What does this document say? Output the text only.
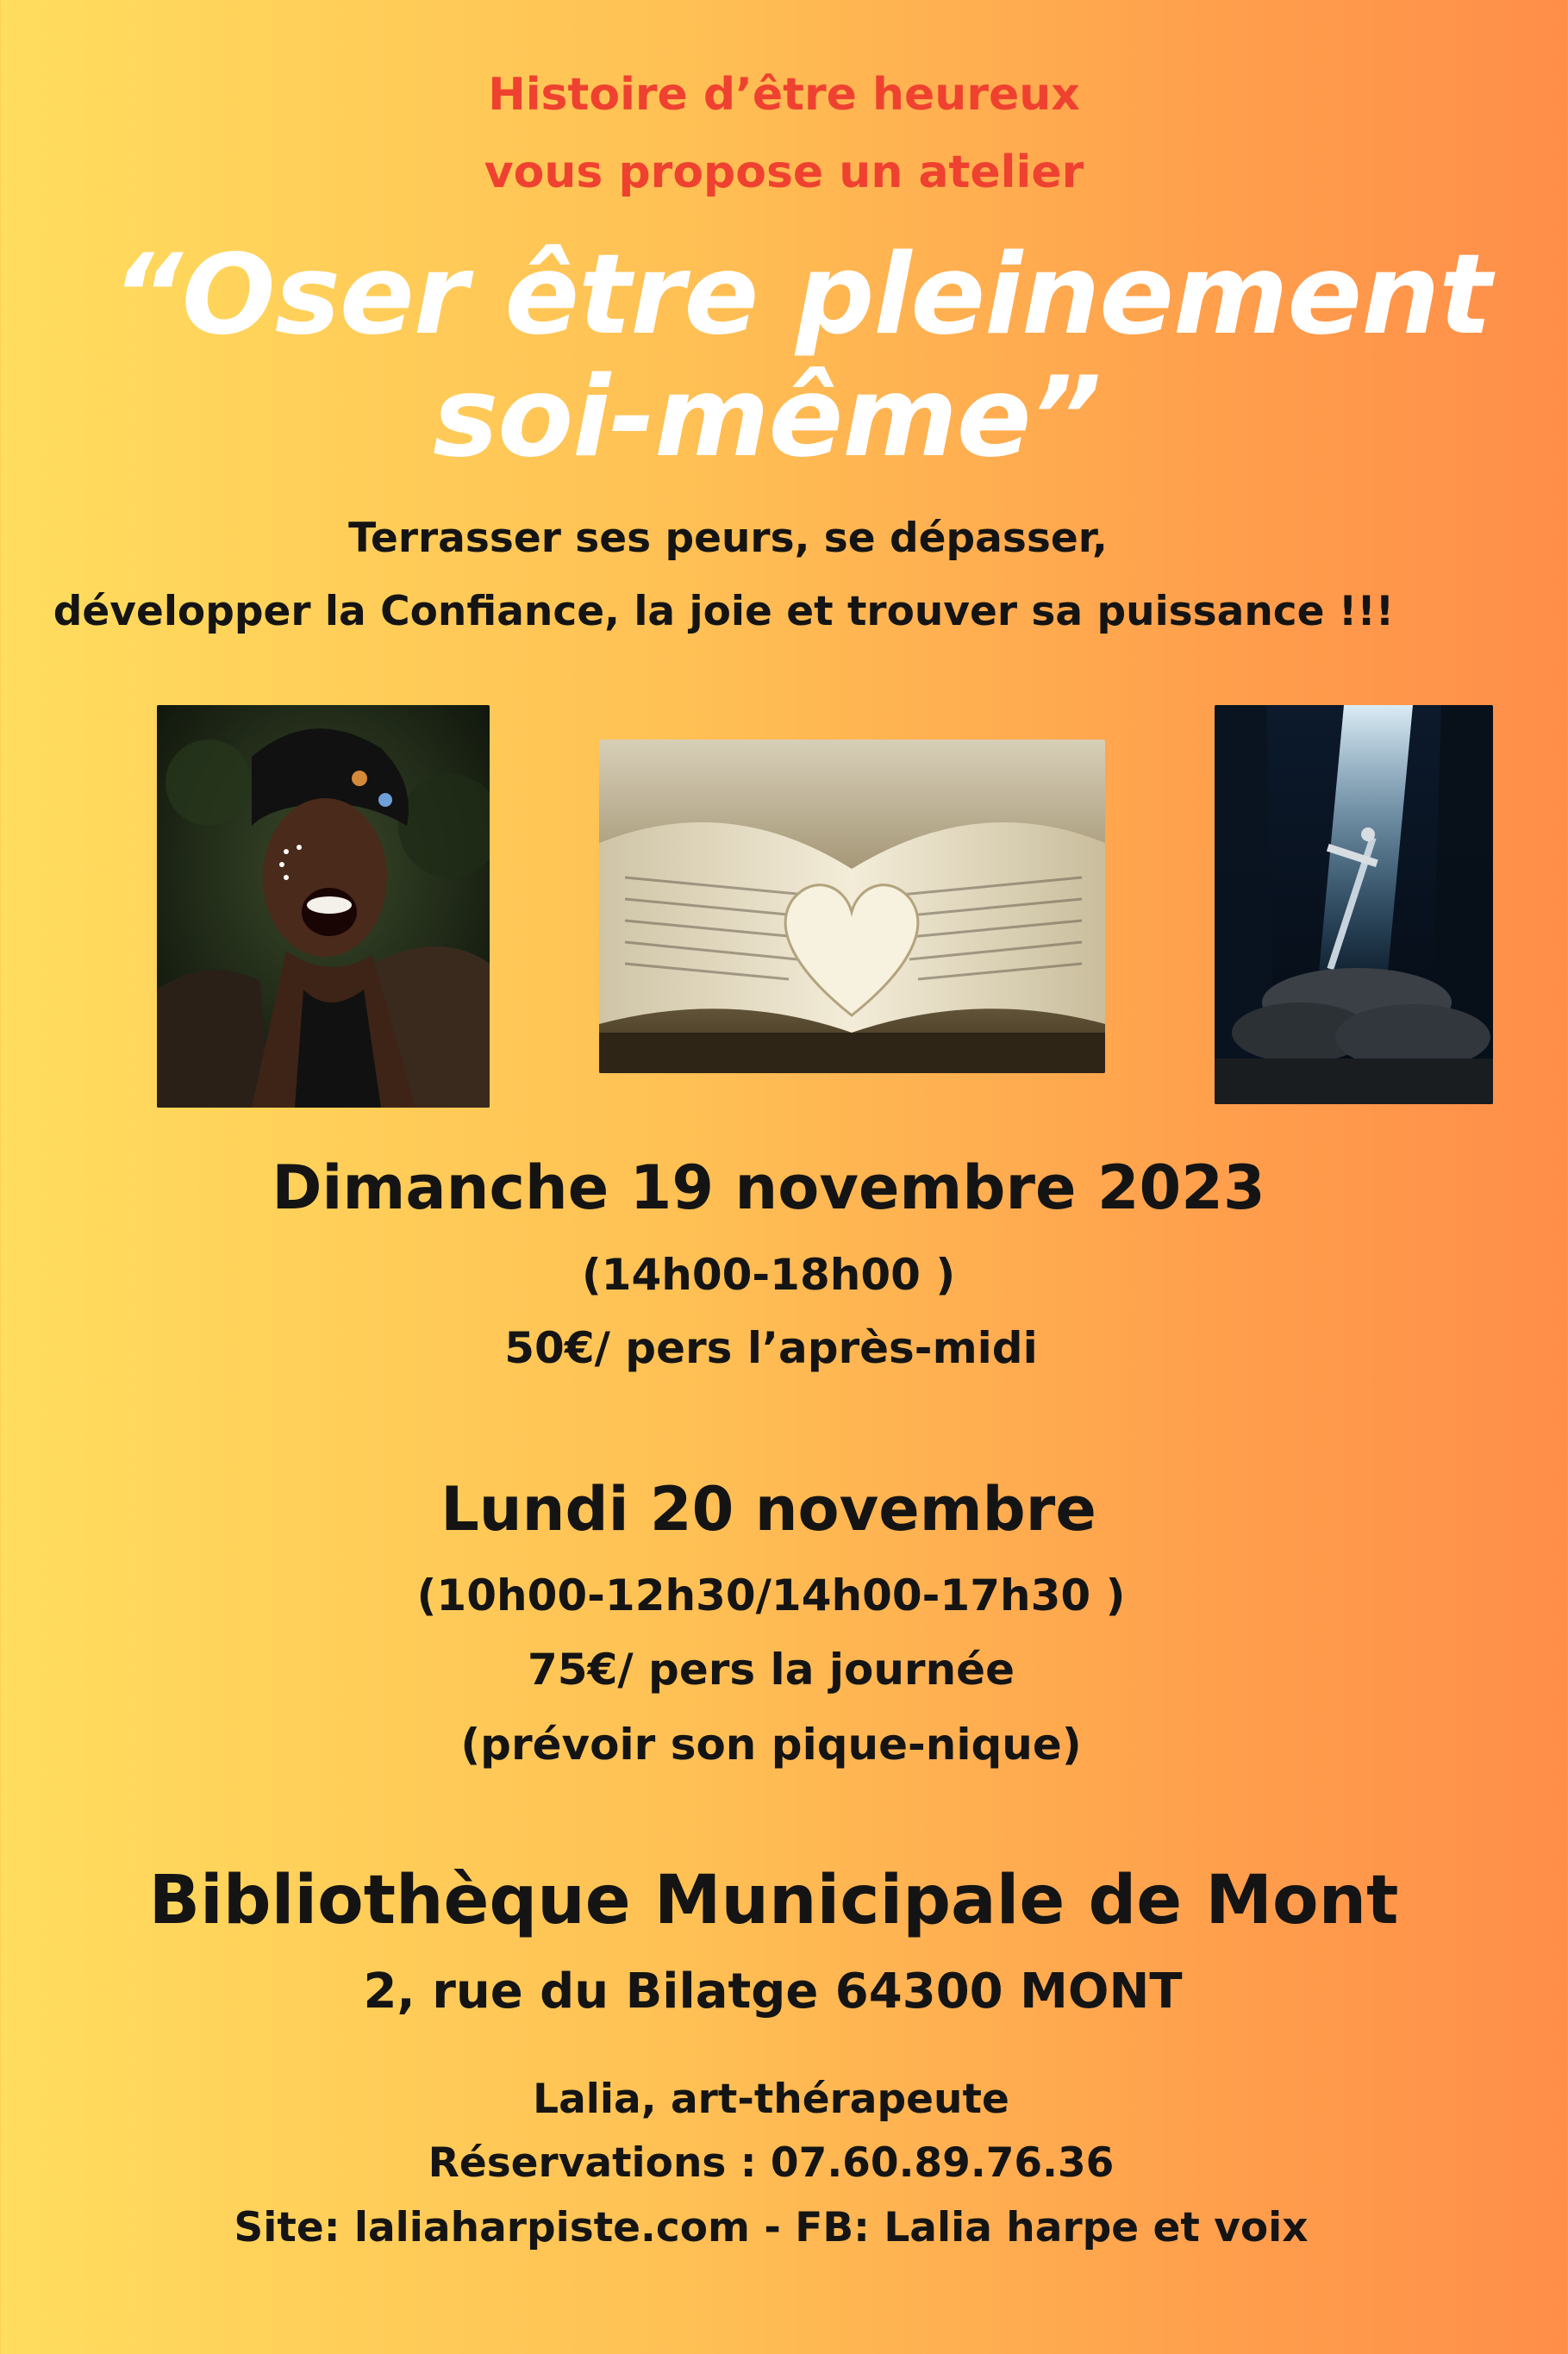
Histoire d’être heureux
vous propose un atelier
“Oser être pleinement
soi-même”
Terrasser ses peurs, se dépasser,
développer la Confiance, la joie et trouver sa puissance !!!
Dimanche 19 novembre 2023
(14h00-18h00 )
50€/ pers l’après-midi
Lundi 20 novembre
(10h00-12h30/14h00-17h30 )
75€/ pers la journée
(prévoir son pique-nique)
Bibliothèque Municipale de Mont
2, rue du Bilatge 64300 MONT
Lalia, art-thérapeute
Réservations : 07.60.89.76.36
Site: laliaharpiste.com - FB: Lalia harpe et voix
